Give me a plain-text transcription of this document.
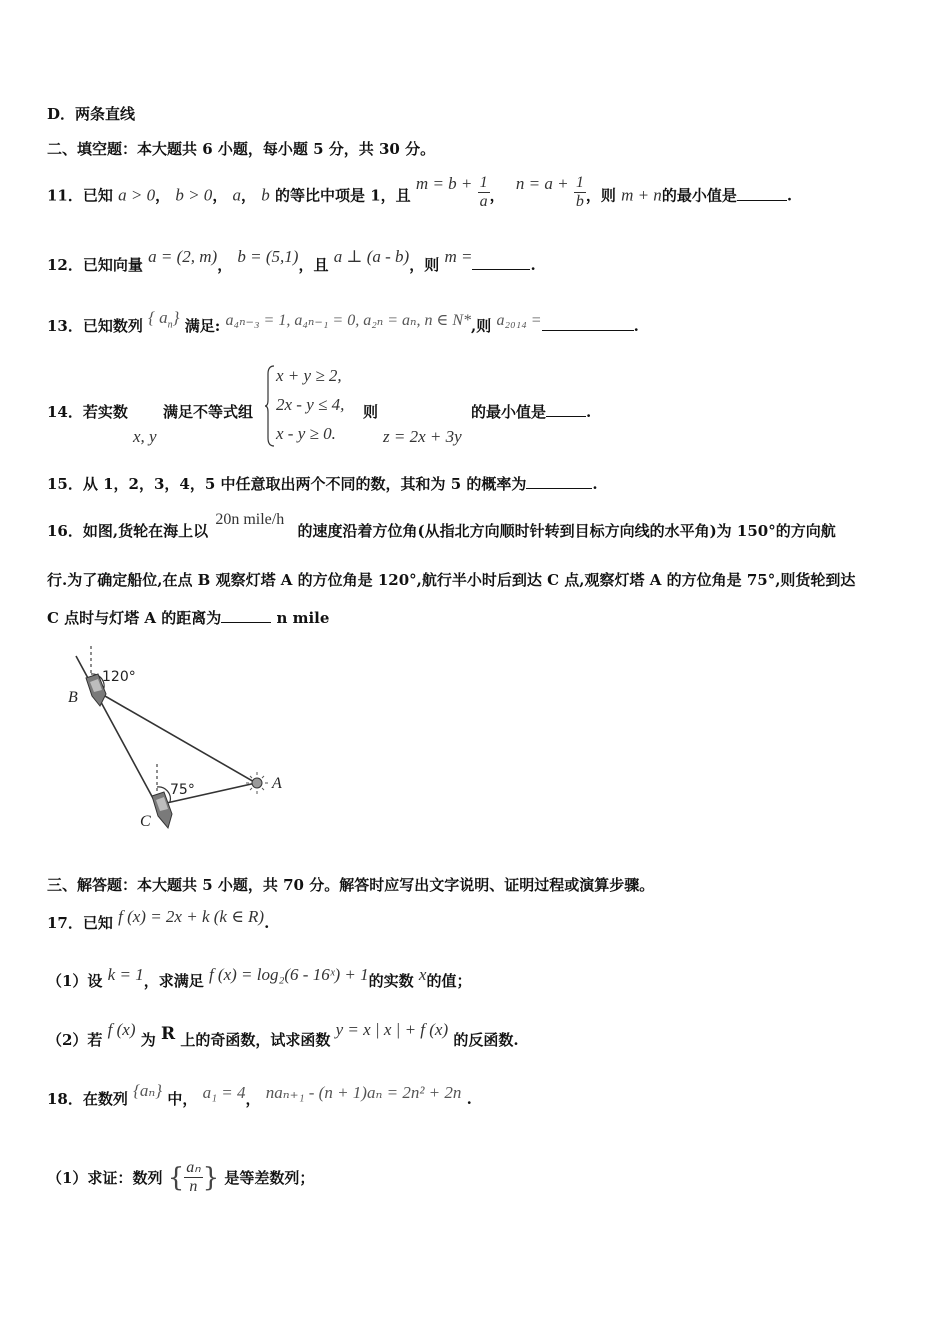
D．两条直线
二、填空题：本大题共 6 小题，每小题 5 分，共 30 分。
11．已知 a > 0， b > 0， a， b 的等比中项是 1，且 $m = b + \frac{1}{a}$ ， $n = a + \frac{1}{b}$ ，则 m + n的最小值是	.
12．已知向量 a = (2, m)， b = (5,1)，且 a ⊥ (a - b)，则 m =	.
13．已知数列 { $a_n$} 满足: a₄ₙ₋₃ = 1, a₄ₙ₋₁ = 0, a₂ₙ = aₙ, n ∈ N*,则 a₂₀₁₄ =	.
14．若实数
x, y
满足不等式组
x + y ≥ 2,
2x - y ≤ 4,
x - y ≥ 0.
则
z = 2x + 3y
的最小值是	.
15．从 1，2，3，4，5 中任意取出两个不同的数，其和为 5 的概率为	.
16．如图,货轮在海上以 20n mile/h 的速度沿着方位角(从指北方向顺时针转到目标方向线的水平角)为 150°的方向航
行.为了确定船位,在点 B 观察灯塔 A 的方位角是 120°,航行半小时后到达 C 点,观察灯塔 A 的方位角是 75°,则货轮到达
C 点时与灯塔 A 的距离为	n mile
120°
75°
B
C
A
三、解答题：本大题共 5 小题，共 70 分。解答时应写出文字说明、证明过程或演算步骤。
17．已知 f (x) = 2x + k (k ∈ R).
（1）设 k = 1，求满足 f (x) = log₂(6 - 16ˣ) + 1的实数 x的值；
（2）若 f (x) 为 R 上的奇函数，试求函数 y = x | x | + f (x) 的反函数.
18．在数列 {aₙ} 中， a₁ = 4， naₙ₊₁ - (n + 1)aₙ = 2n² + 2n .
（1）求证：数列 { $\frac{\text{aₙ}}{n}$ } 是等差数列；
